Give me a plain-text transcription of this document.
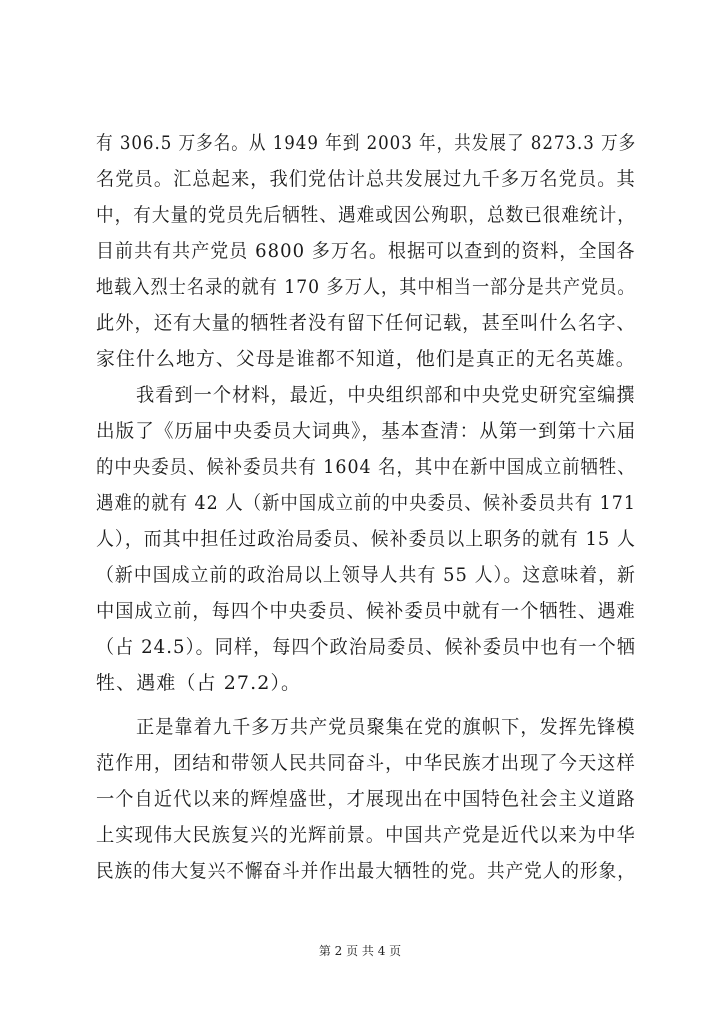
有 306.5 万多名。从 1949 年到 2003 年，共发展了 8273.3 万多
名党员。汇总起来，我们党估计总共发展过九千多万名党员。其
中，有大量的党员先后牺牲、遇难或因公殉职，总数已很难统计，
目前共有共产党员 6800 多万名。根据可以查到的资料，全国各
地载入烈士名录的就有 170 多万人，其中相当一部分是共产党员。
此外，还有大量的牺牲者没有留下任何记载，甚至叫什么名字、
家住什么地方、父母是谁都不知道，他们是真正的无名英雄。
我看到一个材料，最近，中央组织部和中央党史研究室编撰
出版了《历届中央委员大词典》，基本查清：从第一到第十六届
的中央委员、候补委员共有 1604 名，其中在新中国成立前牺牲、
遇难的就有 42 人（新中国成立前的中央委员、候补委员共有 171
人），而其中担任过政治局委员、候补委员以上职务的就有 15 人
（新中国成立前的政治局以上领导人共有 55 人）。这意味着，新
中国成立前，每四个中央委员、候补委员中就有一个牺牲、遇难
（占 24.5）。同样，每四个政治局委员、候补委员中也有一个牺
牲、遇难（占 27.2）。
正是靠着九千多万共产党员聚集在党的旗帜下，发挥先锋模
范作用，团结和带领人民共同奋斗，中华民族才出现了今天这样
一个自近代以来的辉煌盛世，才展现出在中国特色社会主义道路
上实现伟大民族复兴的光辉前景。中国共产党是近代以来为中华
民族的伟大复兴不懈奋斗并作出最大牺牲的党。共产党人的形象，
第 2 页 共 4 页
